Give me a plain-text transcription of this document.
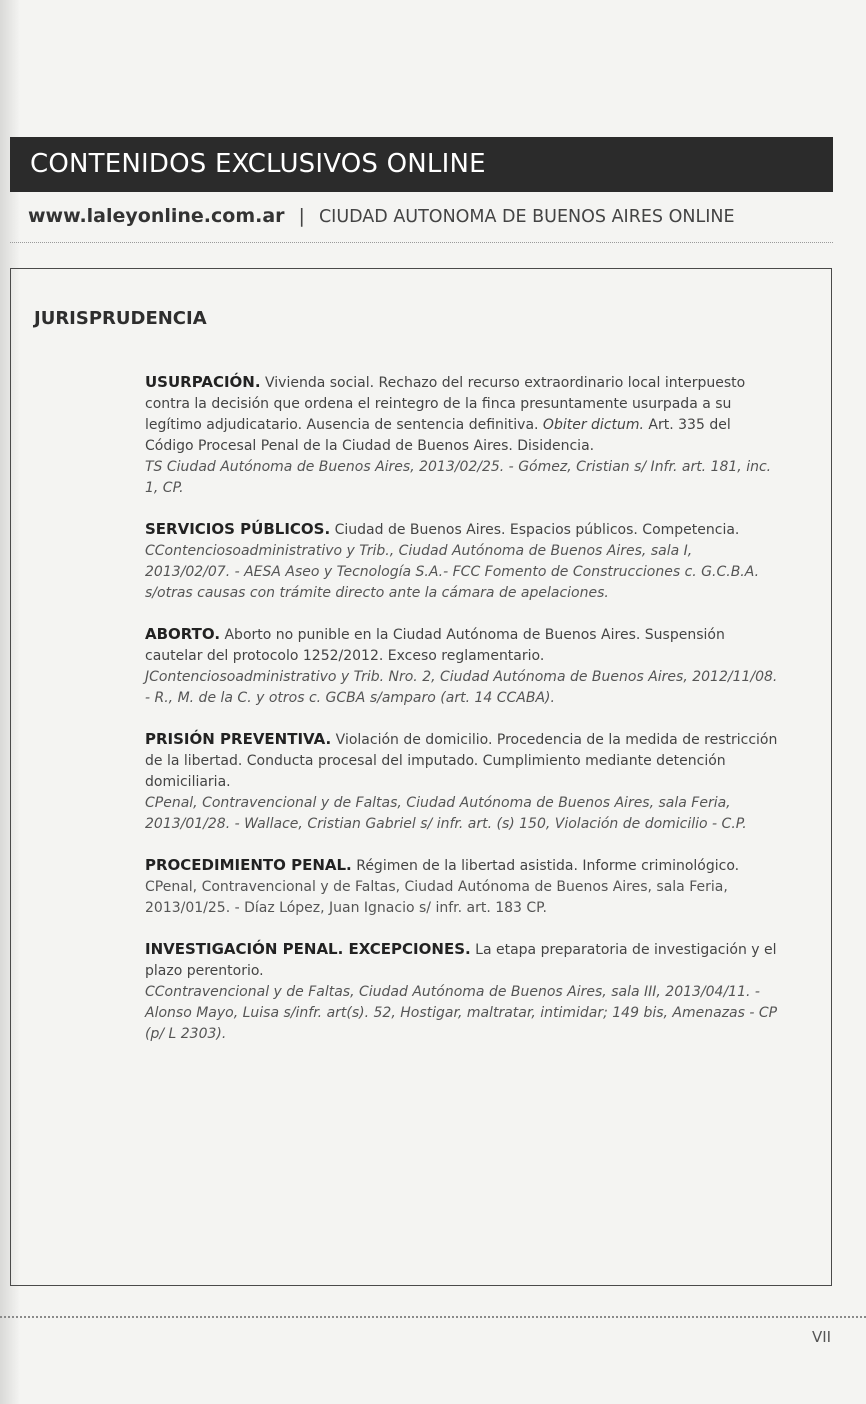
CONTENIDOS EXCLUSIVOS ONLINE
www.laleyonline.com.ar | CIUDAD AUTONOMA DE BUENOS AIRES ONLINE
JURISPRUDENCIA
USURPACIÓN. Vivienda social. Rechazo del recurso extraordinario local interpuesto contra la decisión que ordena el reintegro de la finca presuntamente usurpada a su legítimo adjudicatario. Ausencia de sentencia definitiva. Obiter dictum. Art. 335 del Código Procesal Penal de la Ciudad de Buenos Aires. Disidencia.
TS Ciudad Autónoma de Buenos Aires, 2013/02/25. - Gómez, Cristian s/ Infr. art. 181, inc. 1, CP.
SERVICIOS PÚBLICOS. Ciudad de Buenos Aires. Espacios públicos. Competencia.
CContenciosoadministrativo y Trib., Ciudad Autónoma de Buenos Aires, sala I, 2013/02/07. - AESA Aseo y Tecnología S.A.- FCC Fomento de Construcciones c. G.C.B.A. s/otras causas con trámite directo ante la cámara de apelaciones.
ABORTO. Aborto no punible en la Ciudad Autónoma de Buenos Aires. Suspensión cautelar del protocolo 1252/2012. Exceso reglamentario.
JContenciosoadministrativo y Trib. Nro. 2, Ciudad Autónoma de Buenos Aires, 2012/11/08. - R., M. de la C. y otros c. GCBA s/amparo (art. 14 CCABA).
PRISIÓN PREVENTIVA. Violación de domicilio. Procedencia de la medida de restricción de la libertad. Conducta procesal del imputado. Cumplimiento mediante detención domiciliaria.
CPenal, Contravencional y de Faltas, Ciudad Autónoma de Buenos Aires, sala Feria, 2013/01/28. - Wallace, Cristian Gabriel s/ infr. art. (s) 150, Violación de domicilio - C.P.
PROCEDIMIENTO PENAL. Régimen de la libertad asistida. Informe criminológico.
CPenal, Contravencional y de Faltas, Ciudad Autónoma de Buenos Aires, sala Feria, 2013/01/25. - Díaz López, Juan Ignacio s/ infr. art. 183 CP.
INVESTIGACIÓN PENAL. EXCEPCIONES. La etapa preparatoria de investigación y el plazo perentorio.
CContravencional y de Faltas, Ciudad Autónoma de Buenos Aires, sala III, 2013/04/11. - Alonso Mayo, Luisa s/infr. art(s). 52, Hostigar, maltratar, intimidar; 149 bis, Amenazas - CP (p/ L 2303).
VII
